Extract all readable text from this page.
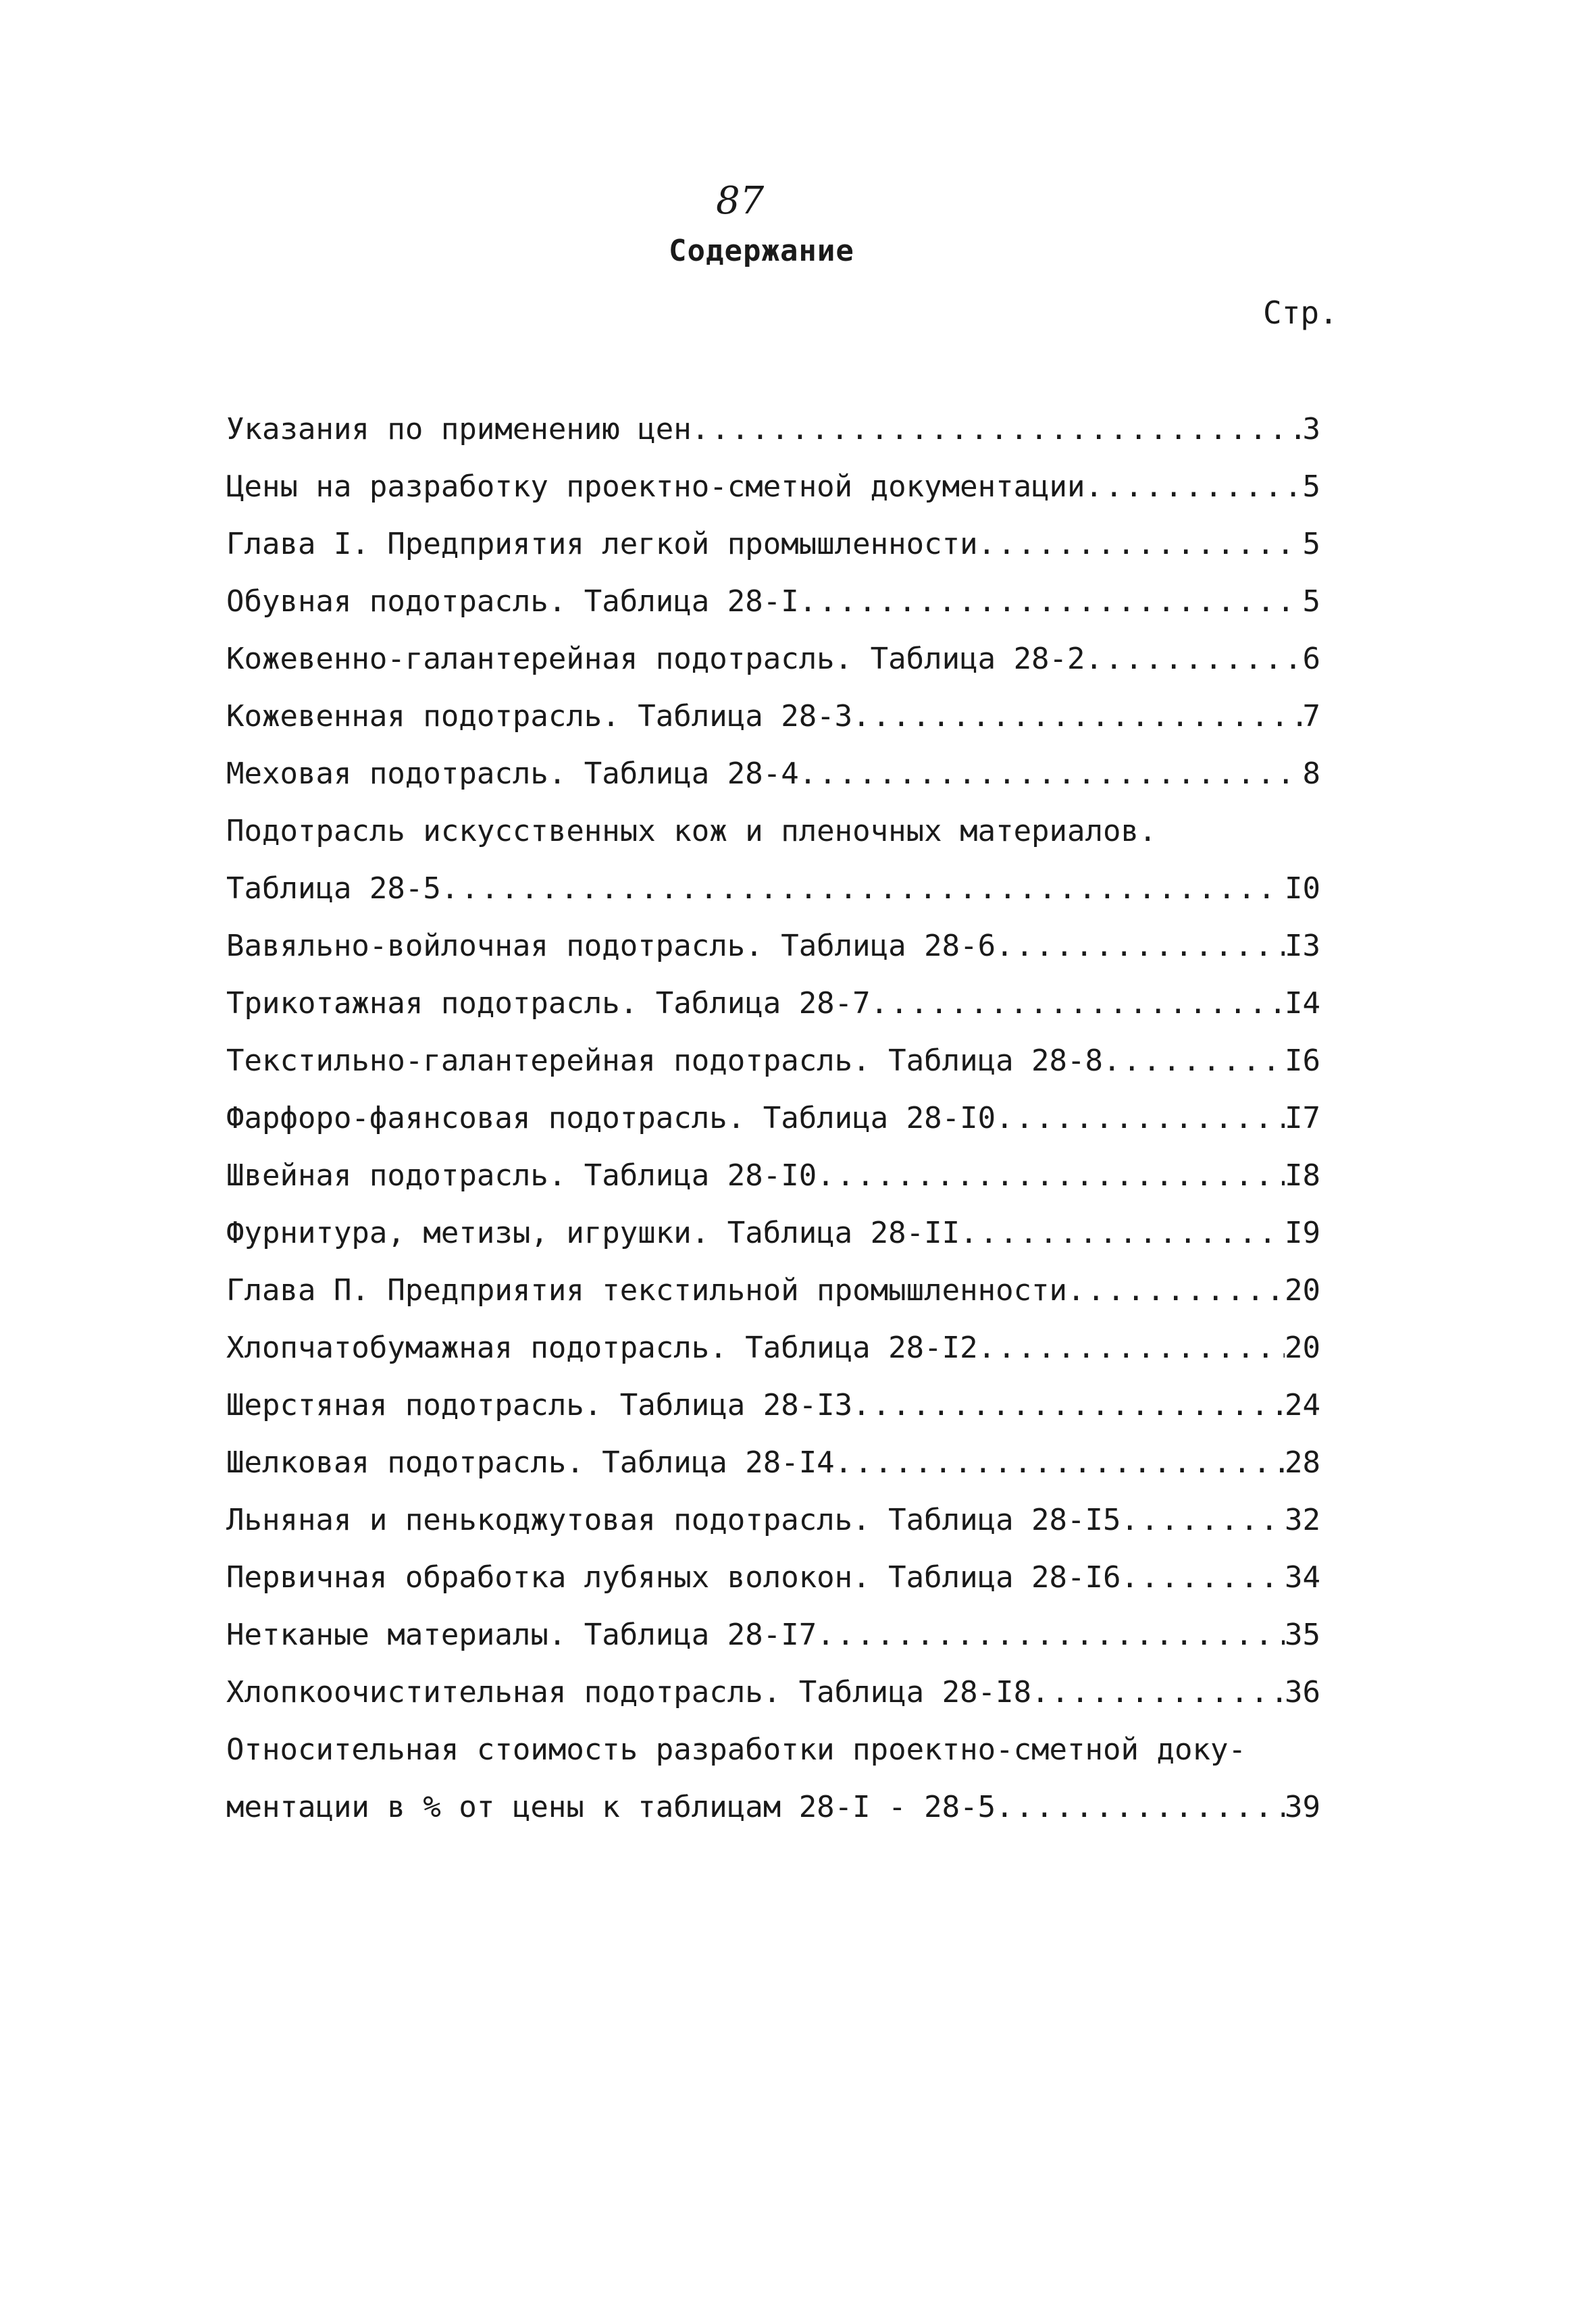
87
Содержание
Стр.
Указания по применению цен .....	3
Цены на разработку проектно-сметной документации .....	5
Глава I. Предприятия легкой промышленности .....	5
Обувная подотрасль. Таблица 28-I .....	5
Кожевенно-галантерейная подотрасль. Таблица 28-2 .....	6
Кожевенная подотрасль. Таблица 28-3 .....	7
Меховая подотрасль. Таблица 28-4 .....	8
Подотрасль искусственных кож и пленочных материалов.
Таблица 28-5 .....	I0
Вавяльно-войлочная подотрасль. Таблица 28-6 .....	I3
Трикотажная подотрасль. Таблица 28-7 .....	I4
Текстильно-галантерейная подотрасль. Таблица 28-8 .....	I6
Фарфоро-фаянсовая подотрасль. Таблица 28-I0 .....	I7
Швейная подотрасль. Таблица 28-I0 .....	I8
Фурнитура, метизы, игрушки. Таблица 28-II .....	I9
Глава П. Предприятия текстильной промышленности .....	20
Хлопчатобумажная подотрасль. Таблица 28-I2 .....	20
Шерстяная подотрасль. Таблица 28-I3 .....	24
Шелковая подотрасль. Таблица 28-I4 .....	28
Льняная и пенькоджутовая подотрасль. Таблица 28-I5 .....	32
Первичная обработка лубяных волокон. Таблица 28-I6 .....	34
Нетканые материалы. Таблица 28-I7 .....	35
Хлопкоочистительная подотрасль. Таблица 28-I8 .....	36
Относительная стоимость разработки проектно-сметной доку-
ментации в % от цены к таблицам 28-I - 28-5 .....	39
